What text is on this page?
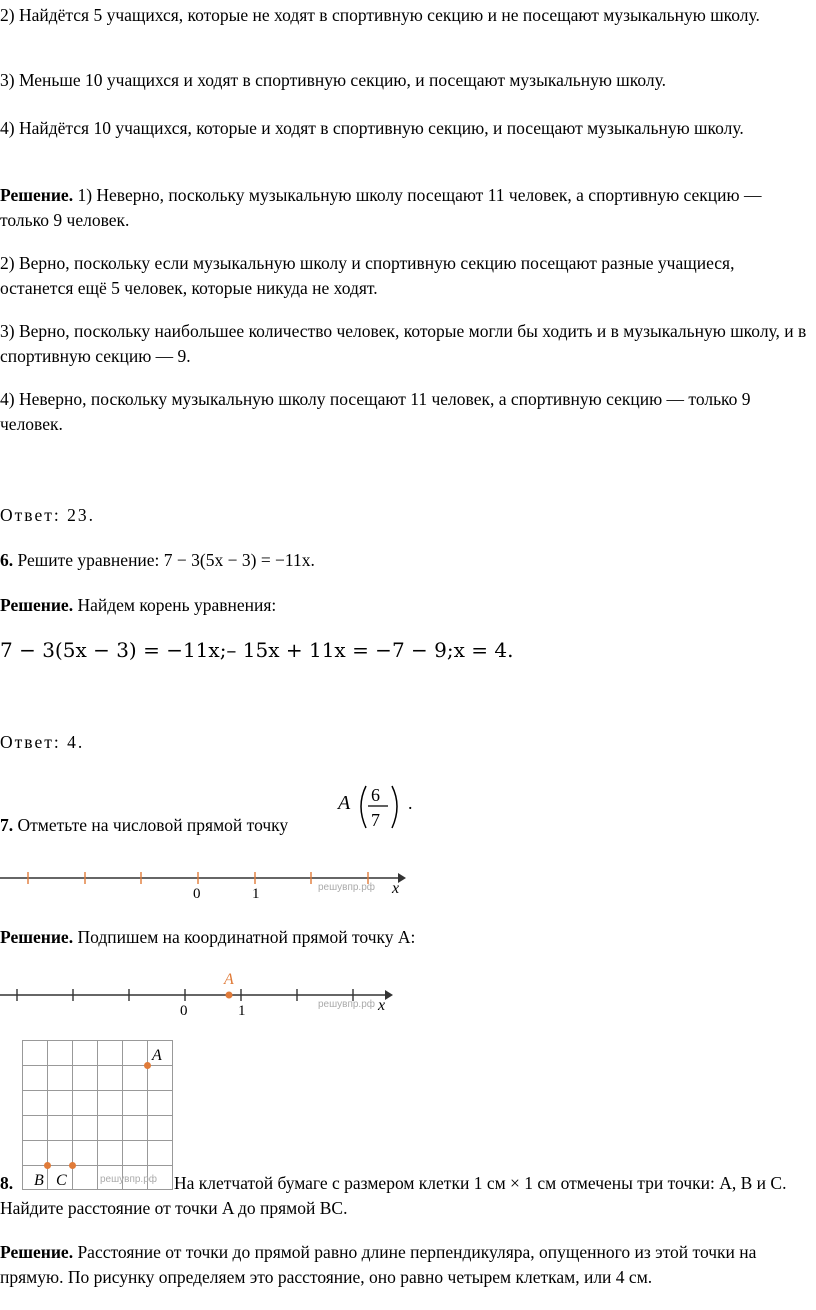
2) Найдётся 5 учащихся, которые не ходят в спортивную секцию и не посещают музыкальную школу.

3) Меньше 10 учащихся и ходят в спортивную секцию, и посещают музыкальную школу.

4) Найдётся 10 учащихся, которые и ходят в спортивную секцию, и посещают музыкальную школу.

Решение. 1) Неверно, поскольку музыкальную школу посещают 11 человек, а спортивную секцию — только 9 человек.

2) Верно, поскольку если музыкальную школу и спортивную секцию посещают разные учащиеся, останется ещё 5 человек, которые никуда не ходят.

3) Верно, поскольку наибольшее количество человек, которые могли бы ходить и в музыкальную школу, и в спортивную секцию — 9.

4) Неверно, поскольку музыкальную школу посещают 11 человек, а спортивную секцию — только 9 человек.

Ответ: 23.

6. Решите уравнение: 7 − 3(5x − 3) = −11x.

Решение. Найдем корень уравнения:

7 − 3(5x − 3) = −11x;– 15x + 11x = −7 − 9;x = 4.

Ответ: 4.

7. Отметьте на числовой прямой точку

A 6
7
.
0	1	решувпр.рф x

Решение. Подпишем на координатной прямой точку A:

A
0	1	решувпр.рф x
A
B C	решувпр.рф

8.	На клетчатой бумаге с размером клетки 1 см × 1 см отмечены три точки: A, B и C. Найдите расстояние от точки A до прямой BC.

Решение. Расстояние от точки до прямой равно длине перпендикуляра, опущенного из этой точки на прямую. По рисунку определяем это расстояние, оно равно четырем клеткам, или 4 см.
